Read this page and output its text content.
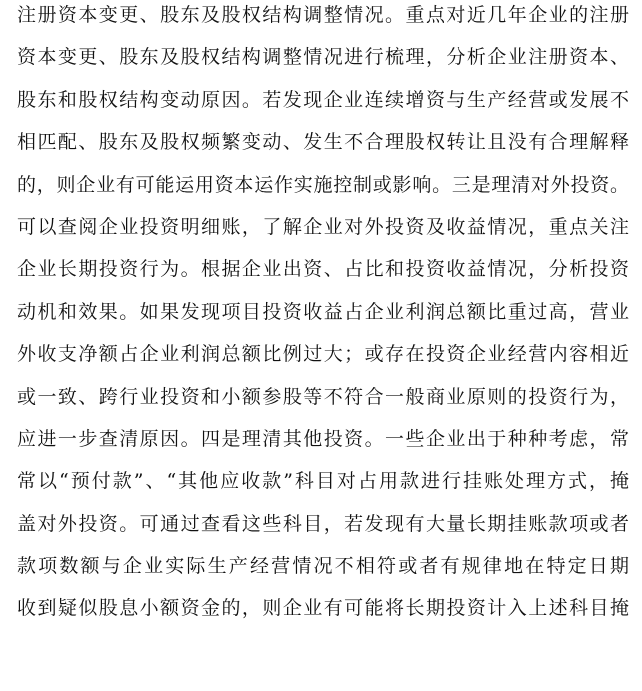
注册资本变更、股东及股权结构调整情况。重点对近几年企业的注册
资本变更、股东及股权结构调整情况进行梳理，分析企业注册资本、
股东和股权结构变动原因。若发现企业连续增资与生产经营或发展不
相匹配、股东及股权频繁变动、发生不合理股权转让且没有合理解释
的，则企业有可能运用资本运作实施控制或影响。三是理清对外投资。
可以查阅企业投资明细账，了解企业对外投资及收益情况，重点关注
企业长期投资行为。根据企业出资、占比和投资收益情况，分析投资
动机和效果。如果发现项目投资收益占企业利润总额比重过高，营业
外收支净额占企业利润总额比例过大；或存在投资企业经营内容相近
或一致、跨行业投资和小额参股等不符合一般商业原则的投资行为，
应进一步查清原因。四是理清其他投资。一些企业出于种种考虑，常
常以“预付款”、“其他应收款”科目对占用款进行挂账处理方式，掩
盖对外投资。可通过查看这些科目，若发现有大量长期挂账款项或者
款项数额与企业实际生产经营情况不相符或者有规律地在特定日期
收到疑似股息小额资金的，则企业有可能将长期投资计入上述科目掩
